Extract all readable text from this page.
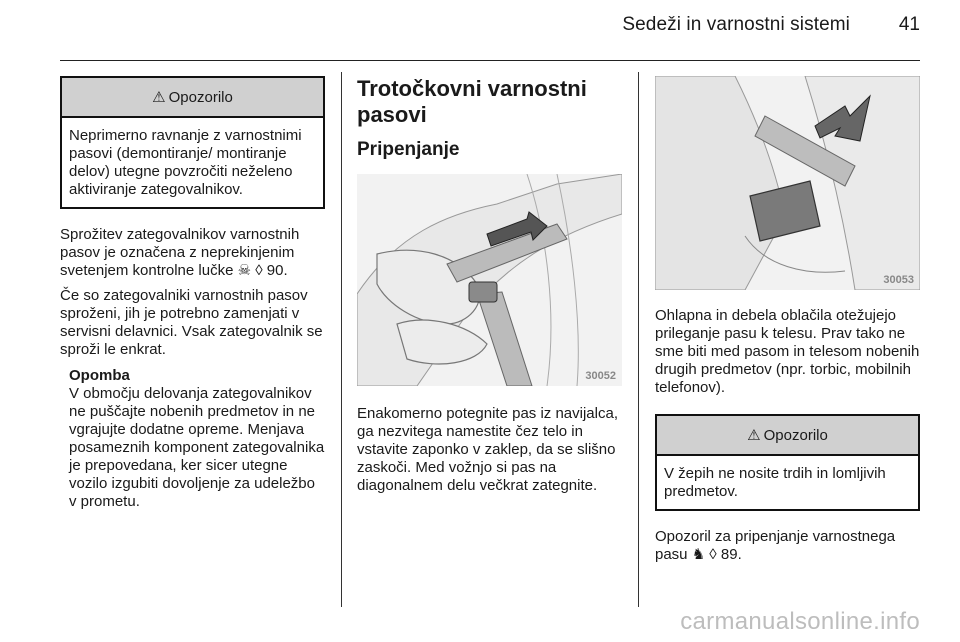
Sedeži in varnostni sistemi	41
⚠ Opozorilo
Neprimerno ravnanje z varnostnimi pasovi (demontiranje/ montiranje delov) utegne povzročiti neželeno aktiviranje zategovalnikov.

Sprožitev zategovalnikov varnostnih pasov je označena z neprekinjenim svetenjem kontrolne lučke ☠ ◊ 90.

Če so zategovalniki varnostnih pasov sproženi, jih je potrebno zamenjati v servisni delavnici. Vsak zategovalnik se sproži le enkrat.

Opomba

V območju delovanja zategovalnikov ne puščajte nobenih predmetov in ne vgrajujte dodatne opreme. Menjava posameznih komponent zategovalnika je prepovedana, ker sicer utegne vozilo izgubiti dovoljenje za udeležbo v prometu.

Trotočkovni varnostni pasovi
Pripenjanje
30052

Enakomerno potegnite pas iz navijalca, ga nezvitega namestite čez telo in vstavite zaponko v zaklep, da se slišno zaskoči. Med vožnjo si pas na diagonalnem delu večkrat zategnite.

30053

Ohlapna in debela oblačila otežujejo prileganje pasu k telesu. Prav tako ne sme biti med pasom in telesom nobenih drugih predmetov (npr. torbic, mobilnih telefonov).

⚠ Opozorilo
V žepih ne nosite trdih in lomljivih predmetov.

Opozoril za pripenjanje varnostnega pasu ♞ ◊ 89.

carmanualsonline.info
